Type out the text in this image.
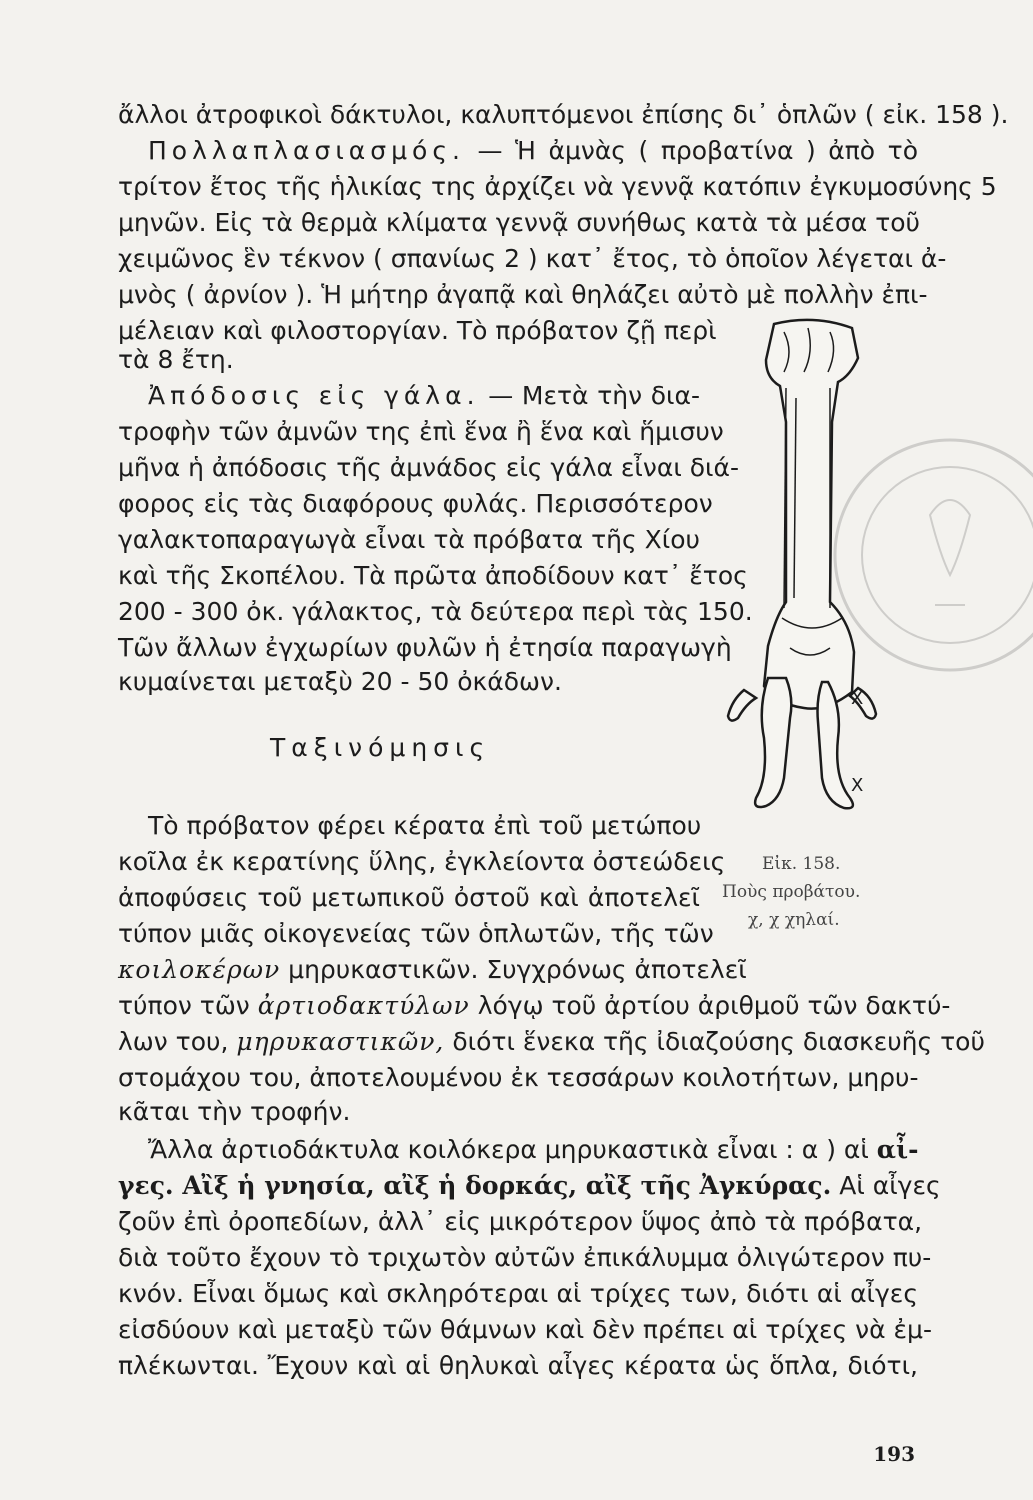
ἄλλοι ἀτροφικοὶ δάκτυλοι, καλυπτόμενοι ἐπίσης δι᾽ ὁπλῶν ( εἰκ. 158 ).
Πολλαπλασιασμός. — Ἡ ἀμνὰς ( προβατίνα ) ἀπὸ τὸ
τρίτον ἔτος τῆς ἡλικίας της ἀρχίζει νὰ γεννᾷ κατόπιν ἐγκυμοσύνης 5
μηνῶν. Εἰς τὰ θερμὰ κλίματα γεννᾷ συνήθως κατὰ τὰ μέσα τοῦ
χειμῶνος ἓν τέκνον ( σπανίως 2 ) κατ᾽ ἔτος, τὸ ὁποῖον λέγεται ἀ-
μνὸς ( ἀρνίον ). Ἡ μήτηρ ἀγαπᾷ καὶ θηλάζει αὐτὸ μὲ πολλὴν ἐπι-
μέλειαν καὶ φιλοστοργίαν. Τὸ πρόβατον ζῇ περὶ
τὰ 8 ἔτη.
Ἀπόδοσις εἰς γάλα. — Μετὰ τὴν δια-
τροφὴν τῶν ἀμνῶν της ἐπὶ ἕνα ἢ ἕνα καὶ ἥμισυν
μῆνα ἡ ἀπόδοσις τῆς ἀμνάδος εἰς γάλα εἶναι διά-
φορος εἰς τὰς διαφόρους φυλάς. Περισσότερον
γαλακτοπαραγωγὰ εἶναι τὰ πρόβατα τῆς Χίου
καὶ τῆς Σκοπέλου. Τὰ πρῶτα ἀποδίδουν κατ᾽ ἔτος
200 - 300 ὀκ. γάλακτος, τὰ δεύτερα περὶ τὰς 150.
Τῶν ἄλλων ἐγχωρίων φυλῶν ἡ ἐτησία παραγωγὴ
κυμαίνεται μεταξὺ 20 - 50 ὀκάδων.
Ταξινόμησις
Τὸ πρόβατον φέρει κέρατα ἐπὶ τοῦ μετώπου
κοῖλα ἐκ κερατίνης ὕλης, ἐγκλείοντα ὀστεώδεις
ἀποφύσεις τοῦ μετωπικοῦ ὀστοῦ καὶ ἀποτελεῖ
τύπον μιᾶς οἰκογενείας τῶν ὁπλωτῶν, τῆς τῶν
κοιλοκέρων μηρυκαστικῶν. Συγχρόνως ἀποτελεῖ
τύπον τῶν ἀρτιοδακτύλων λόγῳ τοῦ ἀρτίου ἀριθμοῦ τῶν δακτύ-
λων του, μηρυκαστικῶν, διότι ἕνεκα τῆς ἰδιαζούσης διασκευῆς τοῦ
στομάχου του, ἀποτελουμένου ἐκ τεσσάρων κοιλοτήτων, μηρυ-
κᾶται τὴν τροφήν.
Ἄλλα ἀρτιοδάκτυλα κοιλόκερα μηρυκαστικὰ εἶναι : α ) αἱ αἶ-
γες. Αἲξ ἡ γνησία, αἲξ ἡ δορκάς, αἲξ τῆς Ἀγκύρας. Αἱ αἶγες
ζοῦν ἐπὶ ὀροπεδίων, ἀλλ᾽ εἰς μικρότερον ὕψος ἀπὸ τὰ πρόβατα,
διὰ τοῦτο ἔχουν τὸ τριχωτὸν αὐτῶν ἐπικάλυμμα ὀλιγώτερον πυ-
κνόν. Εἶναι ὅμως καὶ σκληρότεραι αἱ τρίχες των, διότι αἱ αἶγες
εἰσδύουν καὶ μεταξὺ τῶν θάμνων καὶ δὲν πρέπει αἱ τρίχες νὰ ἐμ-
πλέκωνται. Ἔχουν καὶ αἱ θηλυκαὶ αἶγες κέρατα ὡς ὅπλα, διότι,
X
X
Εἰκ. 158.
Ποὺς προβάτου.
χ, χ χηλαί.
193
